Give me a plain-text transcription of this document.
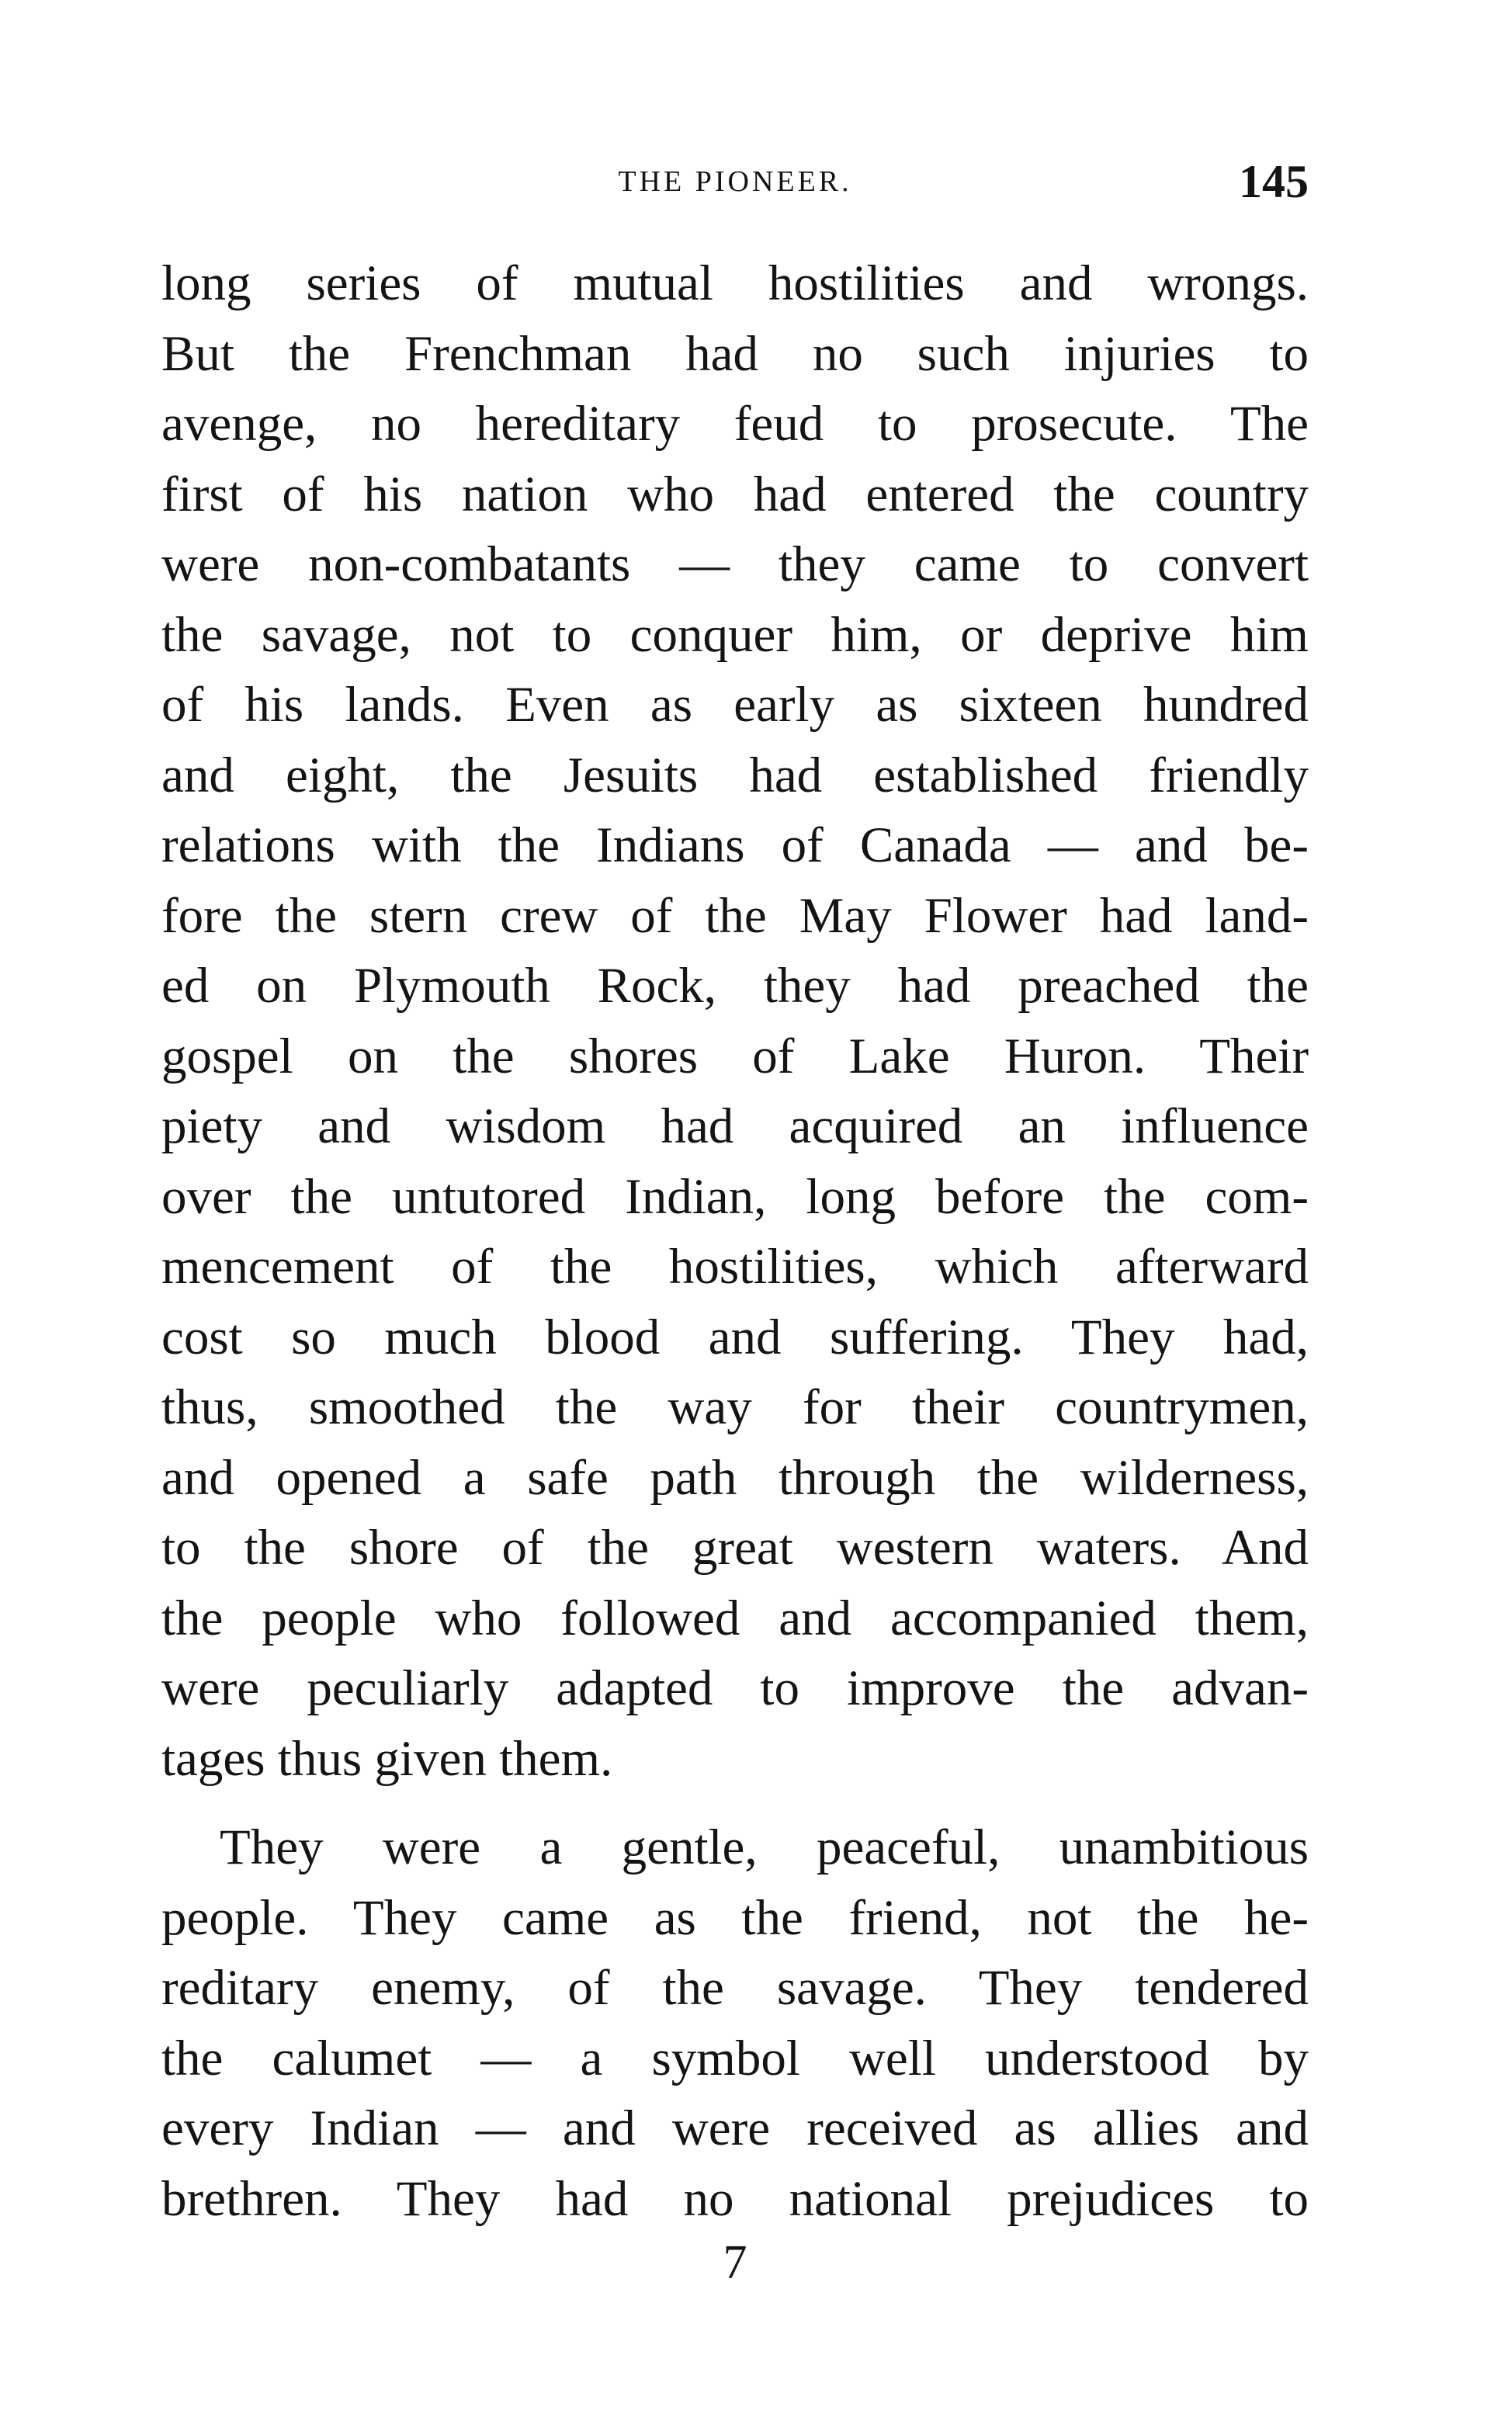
THE PIONEER.	145
long series of mutual hostilities and wrongs.
But the Frenchman had no such injuries to
avenge, no hereditary feud to prosecute. The
first of his nation who had entered the country
were non-combatants — they came to convert
the savage, not to conquer him, or deprive him
of his lands. Even as early as sixteen hundred
and eight, the Jesuits had established friendly
relations with the Indians of Canada — and be-
fore the stern crew of the May Flower had land-
ed on Plymouth Rock, they had preached the
gospel on the shores of Lake Huron. Their
piety and wisdom had acquired an influence
over the untutored Indian, long before the com-
mencement of the hostilities, which afterward
cost so much blood and suffering. They had,
thus, smoothed the way for their countrymen,
and opened a safe path through the wilderness,
to the shore of the great western waters. And
the people who followed and accompanied them,
were peculiarly adapted to improve the advan-
tages thus given them.
They were a gentle, peaceful, unambitious
people. They came as the friend, not the he-
reditary enemy, of the savage. They tendered
the calumet — a symbol well understood by
every Indian — and were received as allies and
brethren. They had no national prejudices to
7
